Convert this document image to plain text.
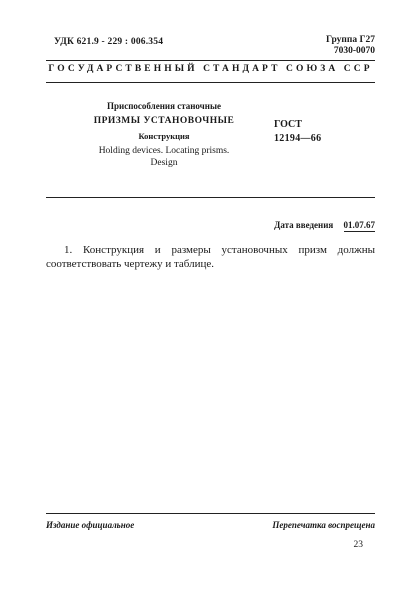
УДК 621.9 - 229 : 006.354	Группа Г27
7030-0070
ГОСУДАРСТВЕННЫЙ СТАНДАРТ СОЮЗА ССР
Приспособления станочные
ПРИЗМЫ УСТАНОВОЧНЫЕ
Конструкция
Holding devices. Locating prisms.
Design
ГОСТ
12194—66
Дата введения 01.07.67
1. Конструкция и размеры установочных призм должны соответствовать чертежу и таблице.
Издание официальное	Перепечатка воспрещена
23
